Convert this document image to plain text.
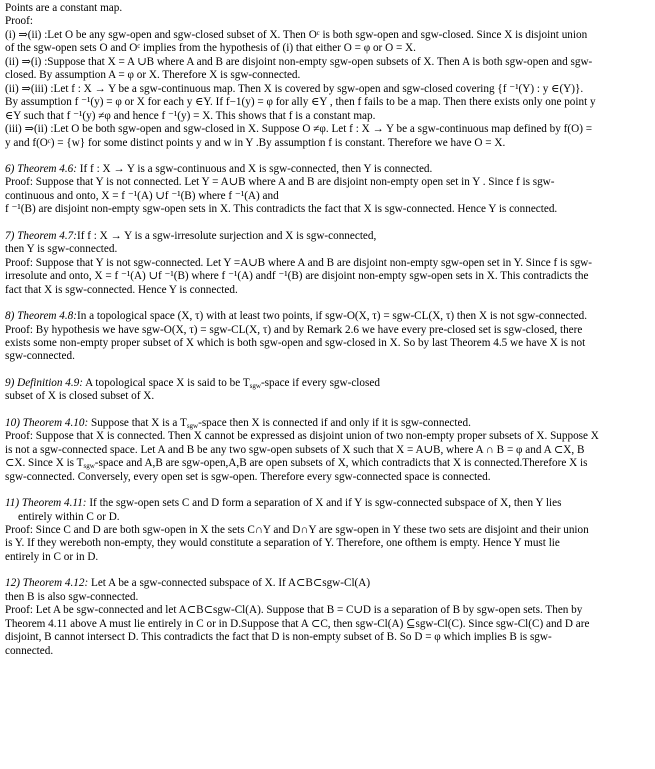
Points are a constant map.
Proof:
(i) ⇒(ii) :Let O be any sgw-open and sgw-closed subset of X. Then Oᶜ is both sgw-open and sgw-closed. Since X is disjoint union
of the sgw-open sets O and Oᶜ implies from the hypothesis of (i) that either O = φ or O = X.
(ii) ⇒(i) :Suppose that X = A ∪B where A and B are disjoint non-empty sgw-open subsets of X. Then A is both sgw-open and sgw-
closed. By assumption A = φ or X. Therefore X is sgw-connected.
(ii) ⇒(iii) :Let f : X → Y be a sgw-continuous map. Then X is covered by sgw-open and sgw-closed covering {f ⁻¹(Y) : y ∈(Y)}.
By assumption f ⁻¹(y) = φ or X for each y ∈Y. If f−1(y) = φ for ally ∈Y , then f fails to be a map. Then there exists only one point y
∈Y such that f ⁻¹(y) ≠φ and hence f ⁻¹(y) = X. This shows that f is a constant map.
(iii) ⇒(ii) :Let O be both sgw-open and sgw-closed in X. Suppose O ≠φ. Let f : X → Y be a sgw-continuous map defined by f(O) =
y and f(Oᶜ) = {w} for some distinct points y and w in Y .By assumption f is constant. Therefore we have O = X.
6) Theorem 4.6: If f : X → Y is a sgw-continuous and X is sgw-connected, then Y is connected.
Proof: Suppose that Y is not connected. Let Y = A∪B where A and B are disjoint non-empty open set in Y . Since f is sgw-
continuous and onto, X = f ⁻¹(A) ∪f ⁻¹(B) where f ⁻¹(A) and
f ⁻¹(B) are disjoint non-empty sgw-open sets in X. This contradicts the fact that X is sgw-connected. Hence Y is connected.
7) Theorem 4.7:If f : X → Y is a sgw-irresolute surjection and X is sgw-connected,
then Y is sgw-connected.
Proof: Suppose that Y is not sgw-connected. Let Y =A∪B where A and B are disjoint non-empty sgw-open set in Y. Since f is sgw-
irresolute and onto, X = f ⁻¹(A) ∪f ⁻¹(B) where f ⁻¹(A) andf ⁻¹(B) are disjoint non-empty sgw-open sets in X. This contradicts the
fact that X is sgw-connected. Hence Y is connected.
8) Theorem 4.8:In a topological space (X, τ) with at least two points, if sgw-O(X, τ) = sgw-CL(X, τ) then X is not sgw-connected.
Proof: By hypothesis we have sgw-O(X, τ) = sgw-CL(X, τ) and by Remark 2.6 we have every pre-closed set is sgw-closed, there
exists some non-empty proper subset of X which is both sgw-open and sgw-closed in X. So by last Theorem 4.5 we have X is not
sgw-connected.
9) Definition 4.9: A topological space X is said to be $T_{sgw}$-space if every sgw-closed
subset of X is closed subset of X.
10) Theorem 4.10: Suppose that X is a $T_{sgw}$-space then X is connected if and only if it is sgw-connected.
Proof: Suppose that X is connected. Then X cannot be expressed as disjoint union of two non-empty proper subsets of X. Suppose X
is not a sgw-connected space. Let A and B be any two sgw-open subsets of X such that X = A∪B, where A ∩ B = φ and A ⊂X, B
⊂X. Since X is $T_{sgw}$-space and A,B are sgw-open,A,B are open subsets of X, which contradicts that X is connected.Therefore X is
sgw-connected. Conversely, every open set is sgw-open. Therefore every sgw-connected space is connected.
11) Theorem 4.11: If the sgw-open sets C and D form a separation of X and if Y is sgw-connected subspace of X, then Y lies
entirely within C or D.
Proof: Since C and D are both sgw-open in X the sets C∩Y and D∩Y are sgw-open in Y these two sets are disjoint and their union
is Y. If they wereboth non-empty, they would constitute a separation of Y. Therefore, one ofthem is empty. Hence Y must lie
entirely in C or in D.
12) Theorem 4.12: Let A be a sgw-connected subspace of X. If A⊂B⊂sgw-Cl(A)
then B is also sgw-connected.
Proof: Let A be sgw-connected and let A⊂B⊂sgw-Cl(A). Suppose that B = C∪D is a separation of B by sgw-open sets. Then by
Theorem 4.11 above A must lie entirely in C or in D.Suppose that A ⊂C, then sgw-Cl(A) ⊆sgw-Cl(C). Since sgw-Cl(C) and D are
disjoint, B cannot intersect D. This contradicts the fact that D is non-empty subset of B. So D = φ which implies B is sgw-
connected.
